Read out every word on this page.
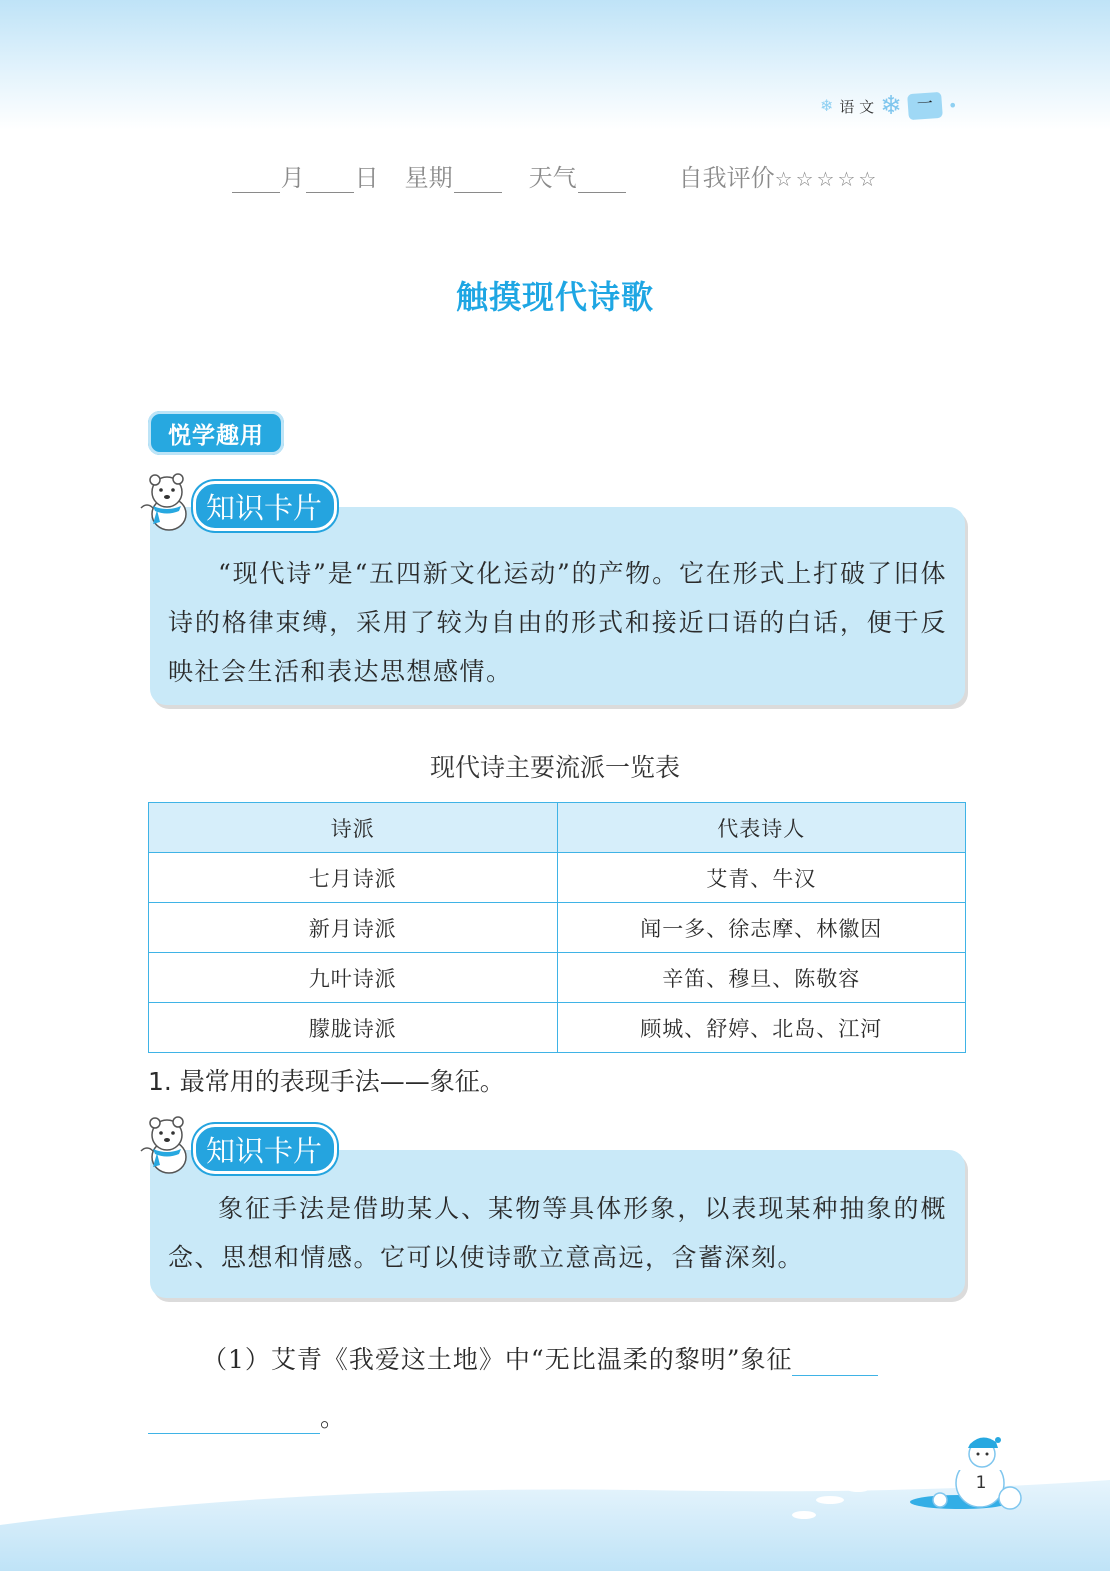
❄ 语 文 ❄ 一 •
月 日 星期	天气	自我评价☆☆☆☆☆
触摸现代诗歌
悦学趣用

“现代诗”是“五四新文化运动”的产物。它在形式上打破了旧体诗的格律束缚，采用了较为自由的形式和接近口语的白话，便于反映社会生活和表达思想感情。

知识卡片
现代诗主要流派一览表
诗派	代表诗人
七月诗派	艾青、牛汉
新月诗派	闻一多、徐志摩、林徽因
九叶诗派	辛笛、穆旦、陈敬容
朦胧诗派	顾城、舒婷、北岛、江河
1. 最常用的表现手法——象征。

象征手法是借助某人、某物等具体形象，以表现某种抽象的概念、思想和情感。它可以使诗歌立意高远，含蓄深刻。

知识卡片
（1）艾青《我爱这土地》中“无比温柔的黎明”象征
。
1
